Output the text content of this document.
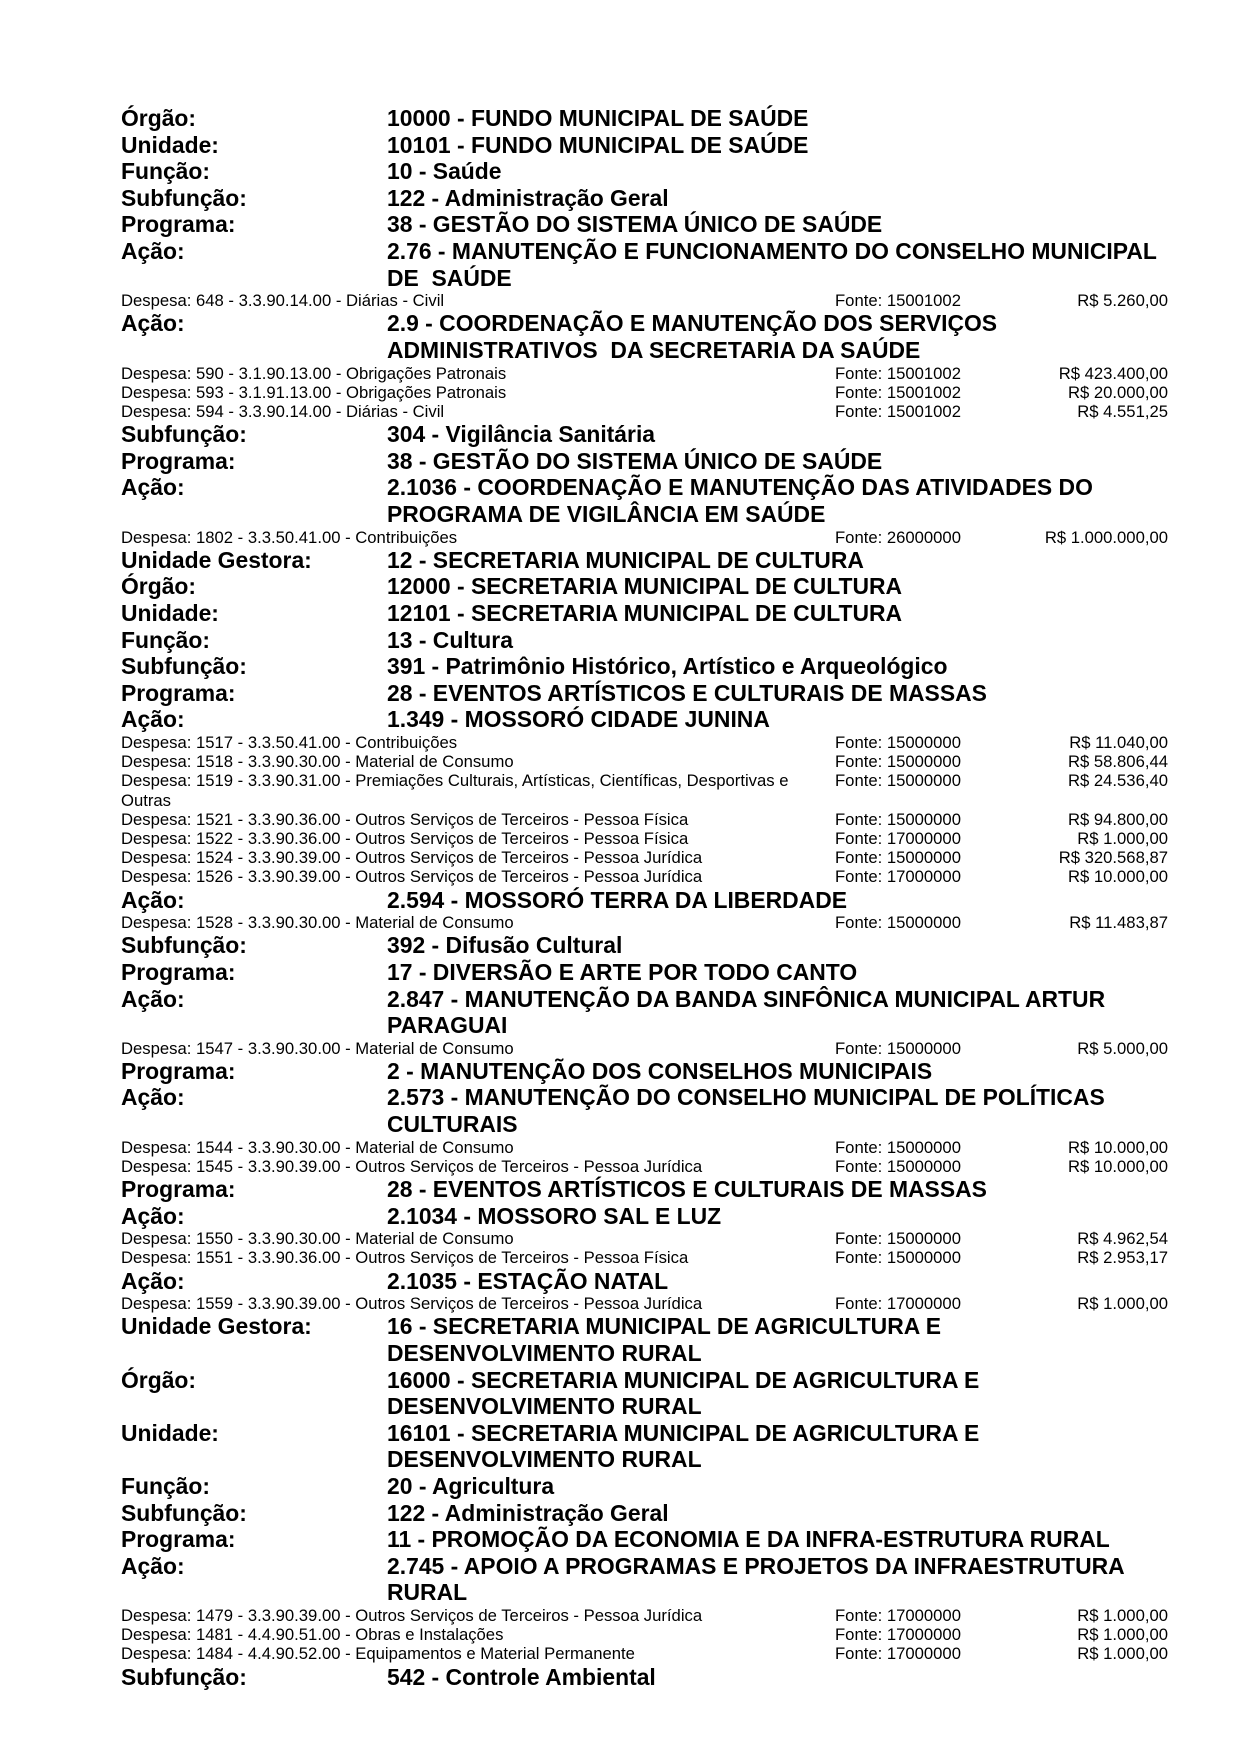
Órgão:	10000 - FUNDO MUNICIPAL DE SAÚDE
Unidade:	10101 - FUNDO MUNICIPAL DE SAÚDE
Função:	10 - Saúde
Subfunção:	122 - Administração Geral
Programa:	38 - GESTÃO DO SISTEMA ÚNICO DE SAÚDE
Ação:	2.76 - MANUTENÇÃO E FUNCIONAMENTO DO CONSELHO MUNICIPAL DE  SAÚDE
Despesa: 648 - 3.3.90.14.00 - Diárias - Civil	Fonte: 15001002	R$ 5.260,00
Ação:	2.9 - COORDENAÇÃO E MANUTENÇÃO DOS SERVIÇOS ADMINISTRATIVOS  DA SECRETARIA DA SAÚDE
Despesa: 590 - 3.1.90.13.00 - Obrigações Patronais	Fonte: 15001002	R$ 423.400,00
Despesa: 593 - 3.1.91.13.00 - Obrigações Patronais	Fonte: 15001002	R$ 20.000,00
Despesa: 594 - 3.3.90.14.00 - Diárias - Civil	Fonte: 15001002	R$ 4.551,25
Subfunção:	304 - Vigilância Sanitária
Programa:	38 - GESTÃO DO SISTEMA ÚNICO DE SAÚDE
Ação:	2.1036 - COORDENAÇÃO E MANUTENÇÃO DAS ATIVIDADES DO PROGRAMA DE VIGILÂNCIA EM SAÚDE
Despesa: 1802 - 3.3.50.41.00 - Contribuições	Fonte: 26000000	R$ 1.000.000,00
Unidade Gestora:	12 - SECRETARIA MUNICIPAL DE CULTURA
Órgão:	12000 - SECRETARIA MUNICIPAL DE CULTURA
Unidade:	12101 - SECRETARIA MUNICIPAL DE CULTURA
Função:	13 - Cultura
Subfunção:	391 - Patrimônio Histórico, Artístico e Arqueológico
Programa:	28 - EVENTOS ARTÍSTICOS E CULTURAIS DE MASSAS
Ação:	1.349 - MOSSORÓ CIDADE JUNINA
Despesa: 1517 - 3.3.50.41.00 - Contribuições	Fonte: 15000000	R$ 11.040,00
Despesa: 1518 - 3.3.90.30.00 - Material de Consumo	Fonte: 15000000	R$ 58.806,44
Despesa: 1519 - 3.3.90.31.00 - Premiações Culturais, Artísticas, Científicas, Desportivas e Outras
Fonte: 15000000	R$ 24.536,40
Despesa: 1521 - 3.3.90.36.00 - Outros Serviços de Terceiros - Pessoa Física	Fonte: 15000000	R$ 94.800,00
Despesa: 1522 - 3.3.90.36.00 - Outros Serviços de Terceiros - Pessoa Física	Fonte: 17000000	R$ 1.000,00
Despesa: 1524 - 3.3.90.39.00 - Outros Serviços de Terceiros - Pessoa Jurídica	Fonte: 15000000	R$ 320.568,87
Despesa: 1526 - 3.3.90.39.00 - Outros Serviços de Terceiros - Pessoa Jurídica	Fonte: 17000000	R$ 10.000,00
Ação:	2.594 - MOSSORÓ TERRA DA LIBERDADE
Despesa: 1528 - 3.3.90.30.00 - Material de Consumo	Fonte: 15000000	R$ 11.483,87
Subfunção:	392 - Difusão Cultural
Programa:	17 - DIVERSÃO E ARTE POR TODO CANTO
Ação:	2.847 - MANUTENÇÃO DA BANDA SINFÔNICA MUNICIPAL ARTUR PARAGUAI
Despesa: 1547 - 3.3.90.30.00 - Material de Consumo	Fonte: 15000000	R$ 5.000,00
Programa:	2 - MANUTENÇÃO DOS CONSELHOS MUNICIPAIS
Ação:	2.573 - MANUTENÇÃO DO CONSELHO MUNICIPAL DE POLÍTICAS CULTURAIS
Despesa: 1544 - 3.3.90.30.00 - Material de Consumo	Fonte: 15000000	R$ 10.000,00
Despesa: 1545 - 3.3.90.39.00 - Outros Serviços de Terceiros - Pessoa Jurídica	Fonte: 15000000	R$ 10.000,00
Programa:	28 - EVENTOS ARTÍSTICOS E CULTURAIS DE MASSAS
Ação:	2.1034 - MOSSORO SAL E LUZ
Despesa: 1550 - 3.3.90.30.00 - Material de Consumo	Fonte: 15000000	R$ 4.962,54
Despesa: 1551 - 3.3.90.36.00 - Outros Serviços de Terceiros - Pessoa Física	Fonte: 15000000	R$ 2.953,17
Ação:	2.1035 - ESTAÇÃO NATAL
Despesa: 1559 - 3.3.90.39.00 - Outros Serviços de Terceiros - Pessoa Jurídica	Fonte: 17000000	R$ 1.000,00
Unidade Gestora:	16 - SECRETARIA MUNICIPAL DE AGRICULTURA E DESENVOLVIMENTO RURAL
Órgão:	16000 - SECRETARIA MUNICIPAL DE AGRICULTURA E DESENVOLVIMENTO RURAL
Unidade:	16101 - SECRETARIA MUNICIPAL DE AGRICULTURA E DESENVOLVIMENTO RURAL
Função:	20 - Agricultura
Subfunção:	122 - Administração Geral
Programa:	11 - PROMOÇÃO DA ECONOMIA E DA INFRA-ESTRUTURA RURAL
Ação:	2.745 - APOIO A PROGRAMAS E PROJETOS DA INFRAESTRUTURA RURAL
Despesa: 1479 - 3.3.90.39.00 - Outros Serviços de Terceiros - Pessoa Jurídica	Fonte: 17000000	R$ 1.000,00
Despesa: 1481 - 4.4.90.51.00 - Obras e Instalações	Fonte: 17000000	R$ 1.000,00
Despesa: 1484 - 4.4.90.52.00 - Equipamentos e Material Permanente	Fonte: 17000000	R$ 1.000,00
Subfunção:	542 - Controle Ambiental
